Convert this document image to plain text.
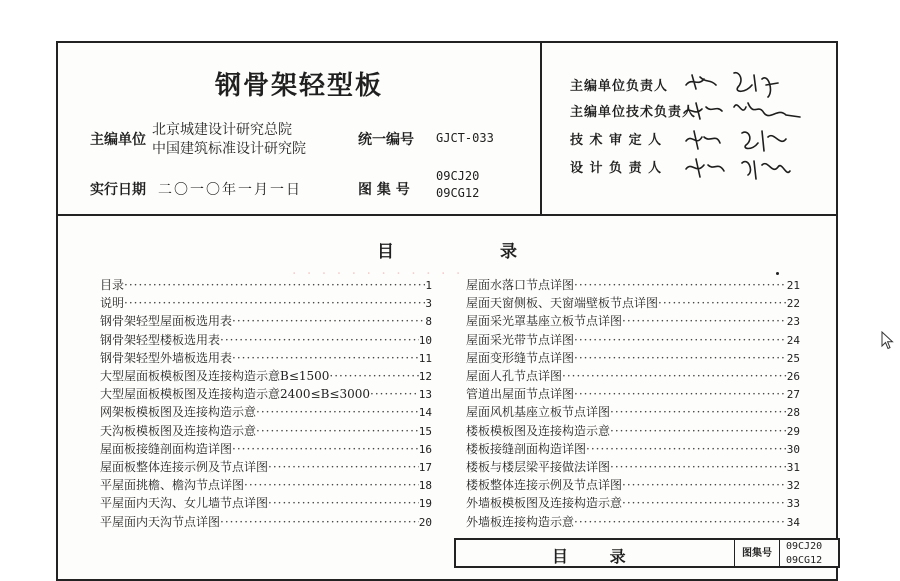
钢骨架轻型板
主编单位
北京城建设计研究总院
中国建筑标准设计研究院
统一编号 GJCT-033
实行日期 二〇一〇年一月一日	图 集 号
09CJ20
09CG12
主编单位负责人
主编单位技术负责人
技 术 审 定 人
设 计 负 责 人
目 录
目录 ·····	1
说明 ·····	3
钢骨架轻型屋面板选用表 ·····	8
钢骨架轻型楼板选用表 ·····	10
钢骨架轻型外墙板选用表 ·····	11
大型屋面板模板图及连接构造示意B≤1500 ·····	12
大型屋面板模板图及连接构造示意2400≤B≤3000 ·····	13
网架板模板图及连接构造示意 ·····	14
天沟板模板图及连接构造示意 ·····	15
屋面板接缝剖面构造详图 ·····	16
屋面板整体连接示例及节点详图 ·····	17
平屋面挑檐、檐沟节点详图 ·····	18
平屋面内天沟、女儿墙节点详图 ·····	19
平屋面内天沟节点详图 ·····	20
屋面水落口节点详图 ·····	21
屋面天窗侧板、天窗端壁板节点详图 ·····	22
屋面采光罩基座立板节点详图 ·····	23
屋面采光带节点详图 ·····	24
屋面变形缝节点详图 ·····	25
屋面人孔节点详图 ·····	26
管道出屋面节点详图 ·····	27
屋面风机基座立板节点详图 ·····	28
楼板模板图及连接构造示意 ·····	29
楼板接缝剖面构造详图 ·····	30
楼板与楼层梁平接做法详图 ·····	31
楼板整体连接示例及节点详图 ·····	32
外墙板模板图及连接构造示意 ·····	33
外墙板连接构造示意 ·····	34
· · · · · · · · · · · ·
目 录	图集号
09CJ20
09CG12
